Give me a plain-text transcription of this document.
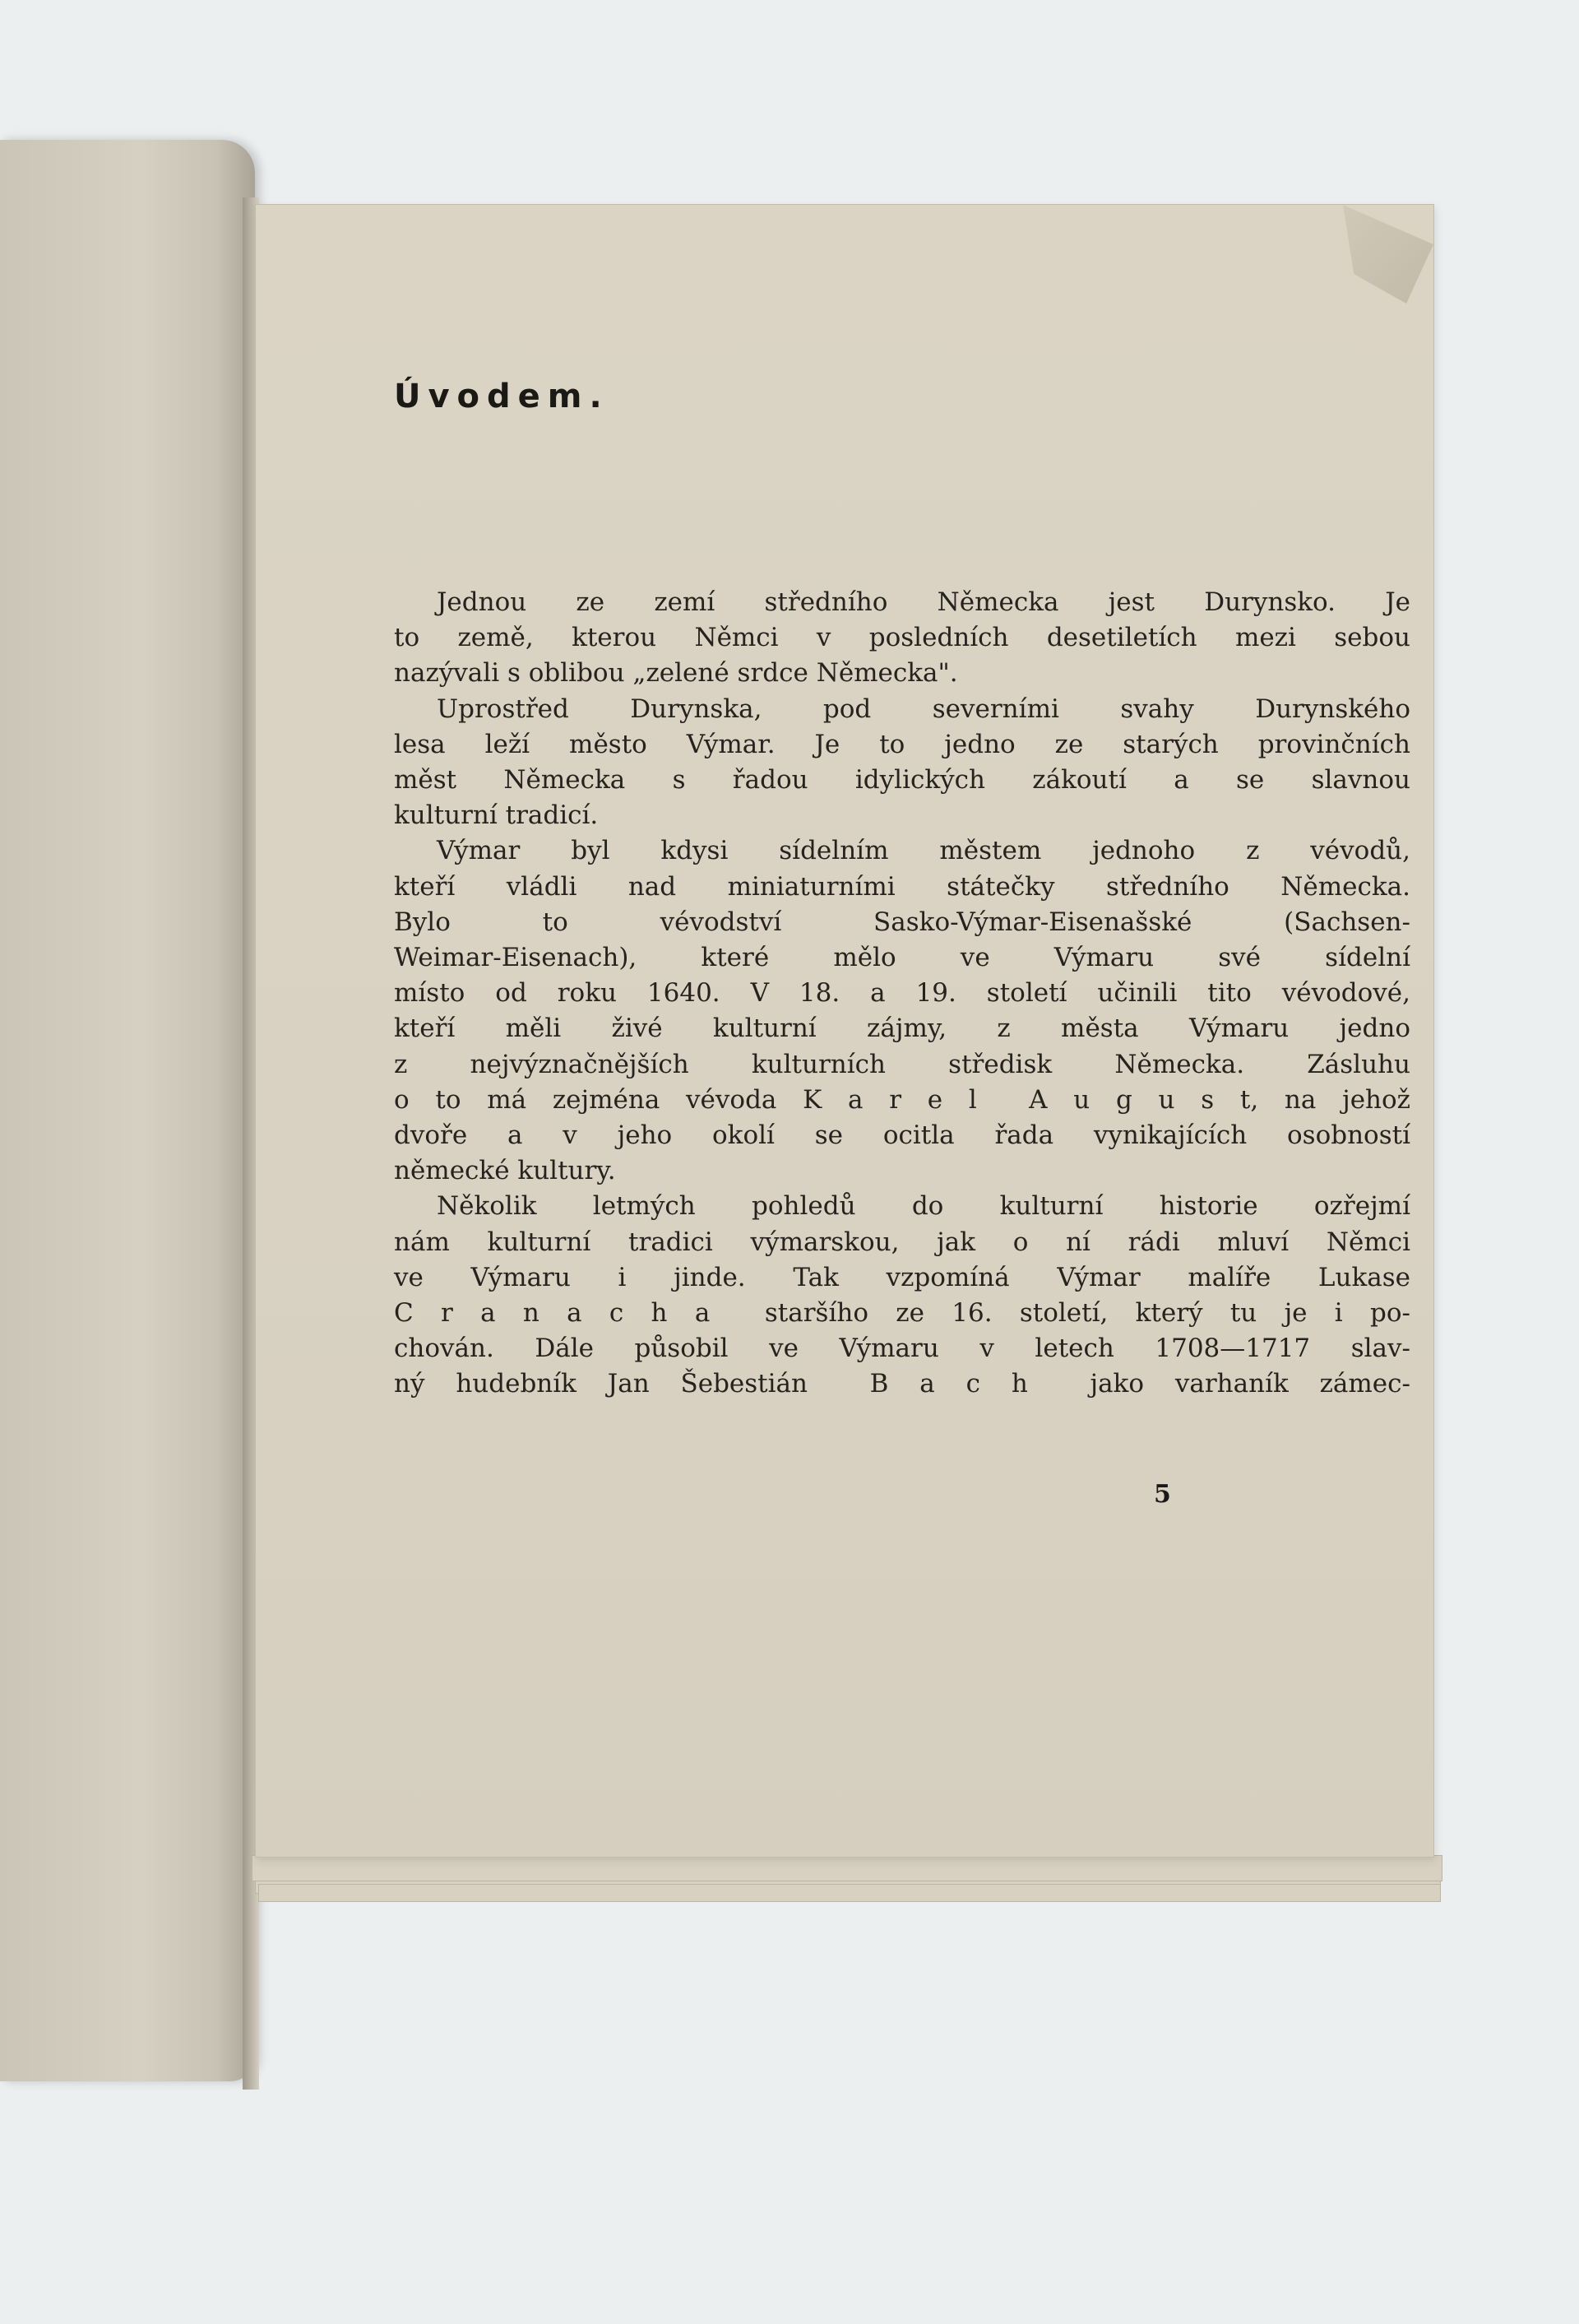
Úvodem.
Jednou ze zemí středního Německa jest Durynsko. Je
to země, kterou Němci v posledních desetiletích mezi sebou
nazývali s oblibou „zelené srdce Německa".
Uprostřed Durynska, pod severními svahy Durynského
lesa leží město Výmar. Je to jedno ze starých provinčních
měst Německa s řadou idylických zákoutí a se slavnou
kulturní tradicí.
Výmar byl kdysi sídelním městem jednoho z vévodů,
kteří vládli nad miniaturními státečky středního Německa.
Bylo to vévodství Sasko-Výmar-Eisenašské (Sachsen-
Weimar-Eisenach), které mělo ve Výmaru své sídelní
místo od roku 1640. V 18. a 19. století učinili tito vévodové,
kteří měli živé kulturní zájmy, z města Výmaru jedno
z nejvýznačnějších kulturních středisk Německa. Zásluhu
o to má zejména vévoda K a r e l  A u g u s t, na jehož
dvoře a v jeho okolí se ocitla řada vynikajících osobností
německé kultury.
Několik letmých pohledů do kulturní historie ozřejmí
nám kulturní tradici výmarskou, jak o ní rádi mluví Němci
ve Výmaru i jinde. Tak vzpomíná Výmar malíře Lukase
C r a n a c h a  staršího ze 16. století, který tu je i po-
chován. Dále působil ve Výmaru v letech 1708—1717 slav-
ný hudebník Jan Šebestián  B a c h  jako varhaník zámec-
5
